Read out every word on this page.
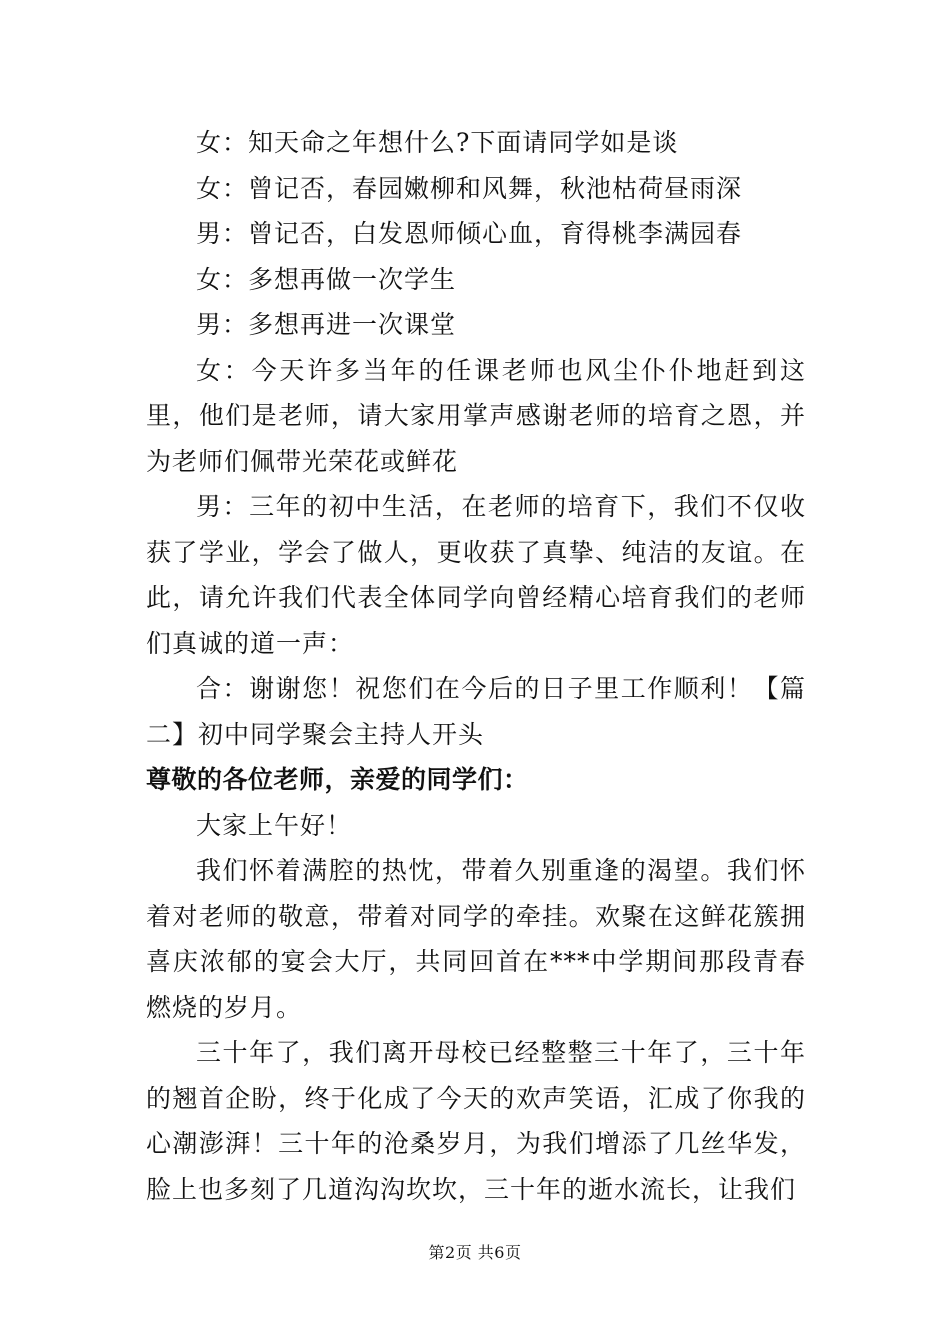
女：知天命之年想什么?下面请同学如是谈

女：曾记否，春园嫩柳和风舞，秋池枯荷昼雨深

男：曾记否，白发恩师倾心血，育得桃李满园春

女：多想再做一次学生

男：多想再进一次课堂

女：今天许多当年的任课老师也风尘仆仆地赶到这里，他们是老师，请大家用掌声感谢老师的培育之恩，并为老师们佩带光荣花或鲜花

男：三年的初中生活，在老师的培育下，我们不仅收获了学业，学会了做人，更收获了真挚、纯洁的友谊。在此，请允许我们代表全体同学向曾经精心培育我们的老师们真诚的道一声：

合：谢谢您！祝您们在今后的日子里工作顺利！【篇二】初中同学聚会主持人开头

尊敬的各位老师，亲爱的同学们：

大家上午好！

我们怀着满腔的热忱，带着久别重逢的渴望。我们怀着对老师的敬意，带着对同学的牵挂。欢聚在这鲜花簇拥喜庆浓郁的宴会大厅，共同回首在***中学期间那段青春燃烧的岁月。

三十年了，我们离开母校已经整整三十年了，三十年的翘首企盼，终于化成了今天的欢声笑语，汇成了你我的心潮澎湃！三十年的沧桑岁月，为我们增添了几丝华发，脸上也多刻了几道沟沟坎坎，三十年的逝水流长，让我们

第2页 共6页
